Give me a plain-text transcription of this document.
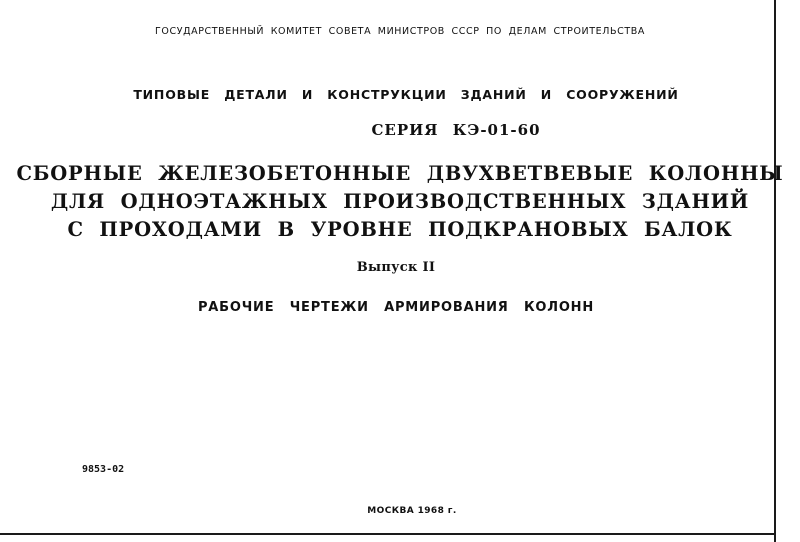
ГОСУДАРСТВЕННЫЙ КОМИТЕТ СОВЕТА МИНИСТРОВ СССР ПО ДЕЛАМ СТРОИТЕЛЬСТВА
ТИПОВЫЕ ДЕТАЛИ И КОНСТРУКЦИИ ЗДАНИЙ И СООРУЖЕНИЙ
СЕРИЯ КЭ-01-60
СБОРНЫЕ ЖЕЛЕЗОБЕТОННЫЕ ДВУХВЕТВЕВЫЕ КОЛОННЫ
ДЛЯ ОДНОЭТАЖНЫХ ПРОИЗВОДСТВЕННЫХ ЗДАНИЙ
С ПРОХОДАМИ В УРОВНЕ ПОДКРАНОВЫХ БАЛОК
Выпуск II
РАБОЧИЕ ЧЕРТЕЖИ АРМИРОВАНИЯ КОЛОНН
9853-02
МОСКВА 1968 г.
